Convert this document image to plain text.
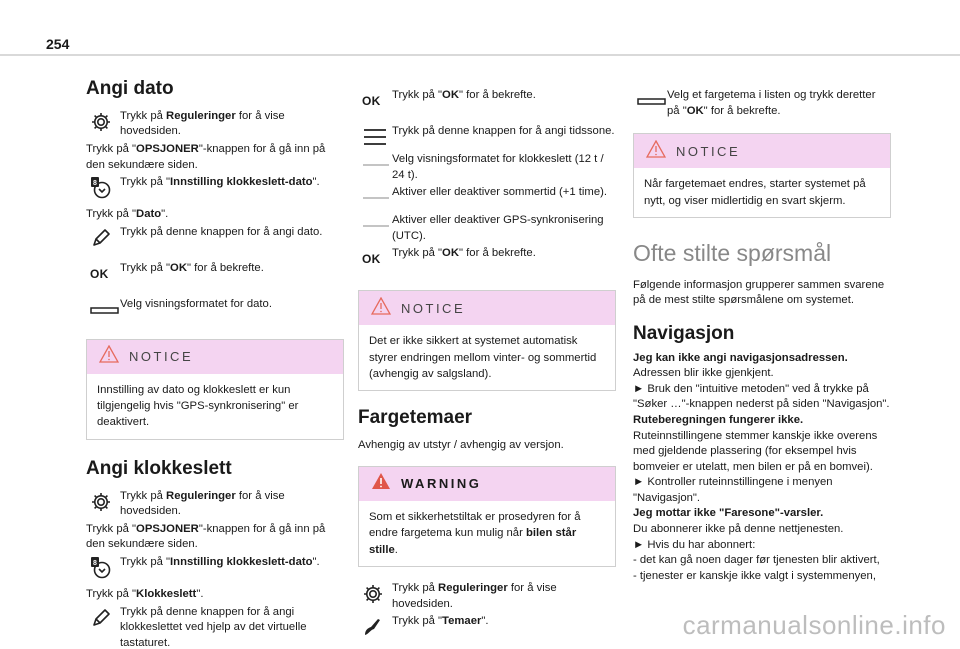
254
Angi dato
Trykk på Reguleringer for å vise hovedsiden.

Trykk på "OPSJONER"-knappen for å gå inn på den sekundære siden.

8 Trykk på "Innstilling klokkeslett-dato".

Trykk på "Dato".

Trykk på denne knappen for å angi dato.
OK	Trykk på "OK" for å bekrefte.
Velg visningsformatet for dato.
NOTICE
Innstilling av dato og klokkeslett er kun tilgjengelig hvis "GPS-synkronisering" er deaktivert.
Angi klokkeslett
Trykk på Reguleringer for å vise hovedsiden.

Trykk på "OPSJONER"-knappen for å gå inn på den sekundære siden.

8 Trykk på "Innstilling klokkeslett-dato".

Trykk på "Klokkeslett".

Trykk på denne knappen for å angi klokkeslettet ved hjelp av det virtuelle tastaturet.
OK	Trykk på "OK" for å bekrefte.
Trykk på denne knappen for å angi tidssone.
Velg visningsformatet for klokkeslett (12 t / 24 t).
Aktiver eller deaktiver sommertid (+1 time).
Aktiver eller deaktiver GPS-synkronisering (UTC).
OK	Trykk på "OK" for å bekrefte.
NOTICE
Det er ikke sikkert at systemet automatisk styrer endringen mellom vinter- og sommertid (avhengig av salgsland).
Fargetemaer

Avhengig av utstyr / avhengig av versjon.

WARNING
Som et sikkerhetstiltak er prosedyren for å endre fargetema kun mulig når bilen står stille.
Trykk på Reguleringer for å vise hovedsiden.
Trykk på "Temaer".
Velg et fargetema i listen og trykk deretter på "OK" for å bekrefte.
NOTICE
Når fargetemaet endres, starter systemet på nytt, og viser midlertidig en svart skjerm.
Ofte stilte spørsmål

Følgende informasjon grupperer sammen svarene på de mest stilte spørsmålene om systemet.

Navigasjon

Jeg kan ikke angi navigasjonsadressen.

Adressen blir ikke gjenkjent.

► Bruk den "intuitive metoden" ved å trykke på "Søker …"-knappen nederst på siden "Navigasjon".

Ruteberegningen fungerer ikke.

Ruteinnstillingene stemmer kanskje ikke overens med gjeldende plassering (for eksempel hvis bomveier er utelatt, men bilen er på en bomvei).

► Kontroller ruteinnstillingene i menyen "Navigasjon".

Jeg mottar ikke "Faresone"-varsler.

Du abonnerer ikke på denne nettjenesten.

► Hvis du har abonnert:

- det kan gå noen dager før tjenesten blir aktivert,

- tjenester er kanskje ikke valgt i systemmenyen,

carmanualsonline.info
